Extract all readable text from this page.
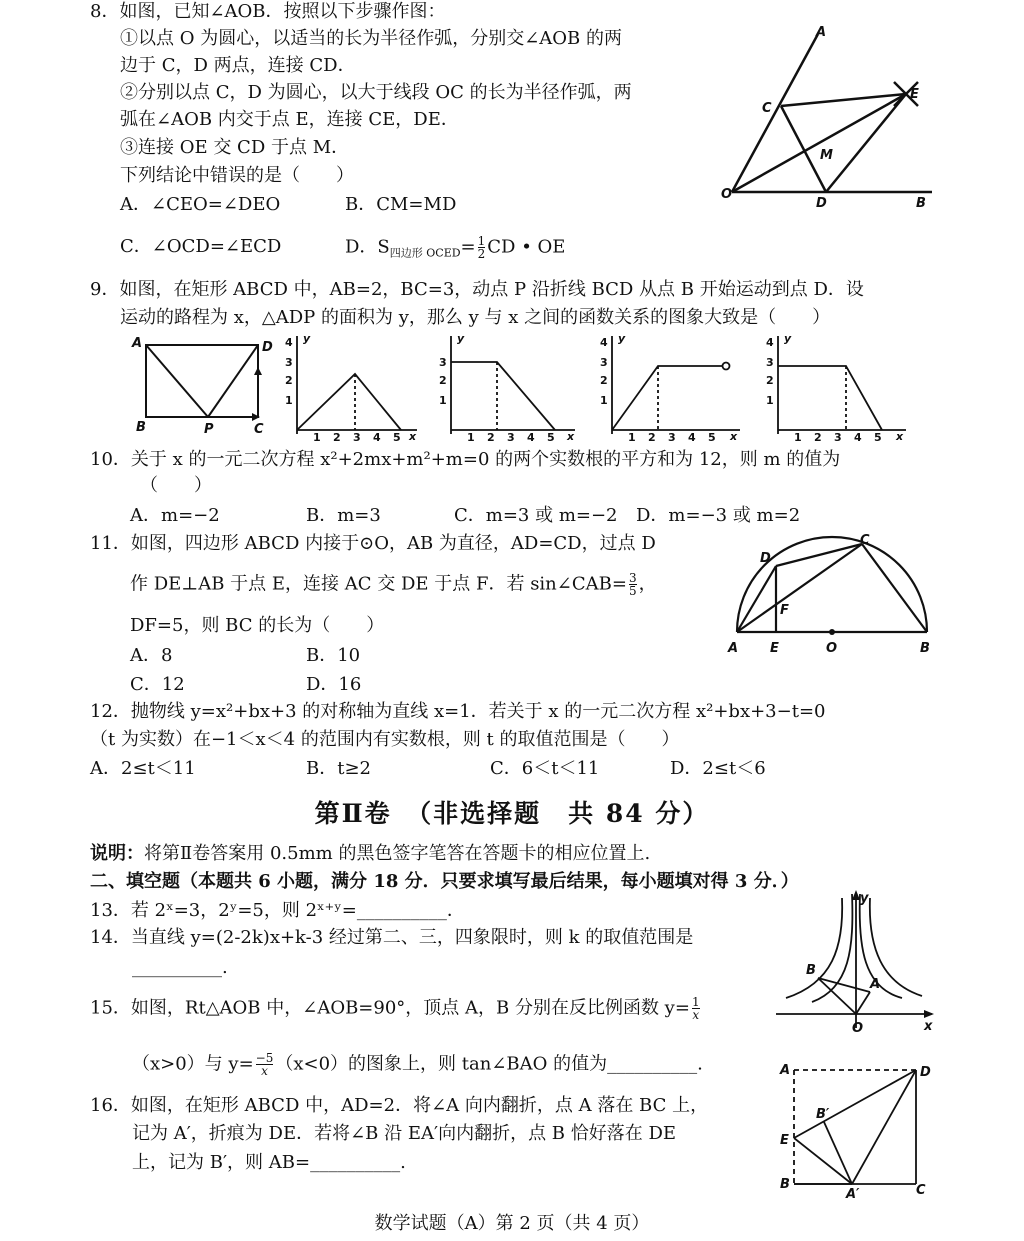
8．如图，已知∠AOB．按照以下步骤作图：
①以点 O 为圆心，以适当的长为半径作弧，分别交∠AOB 的两
边于 C，D 两点，连接 CD．
②分别以点 C，D 为圆心，以大于线段 OC 的长为半径作弧，两
弧在∠AOB 内交于点 E，连接 CE，DE．
③连接 OE 交 CD 于点 M．
下列结论中错误的是（　　）
A．∠CEO=∠DEO	B．CM=MD
C．∠OCD=∠ECD	D．$S_{四边形 OCED}= \frac{1}{2}$ CD • OE
A
C
E
M
O
D	B
9．如图，在矩形 ABCD 中，AB=2，BC=3，动点 P 沿折线 BCD 从点 B 开始运动到点 D．设
运动的路程为 x，△ADP 的面积为 y，那么 y 与 x 之间的函数关系的图象大致是（　　）
A	D
B	P	C
4
3
2
1
1 2 3 4 5
y
x
3
2
1
1 2 3 4 5
y
x
4
3
2
1
1 2 3 4 5
y
x
4
3
2
1
1 2 3 4 5
y
x
10．关于 x 的一元二次方程 x²+2mx+m²+m=0 的两个实数根的平方和为 12，则 m 的值为
（　　）
A．m=−2	B．m=3	C．m=3 或 m=−2 D．m=−3 或 m=2
11．如图，四边形 ABCD 内接于⊙O，AB 为直径，AD=CD，过点 D
作 DE⊥AB 于点 E，连接 AC 交 DE 于点 F．若 sin∠CAB= $\frac{3}{5}$ ，
DF=5，则 BC 的长为（　　）
A．8	B．10
C．12	D．16
D
C
F
A E	O	B
12．抛物线 y=x²+bx+3 的对称轴为直线 x=1．若关于 x 的一元二次方程 x²+bx+3−t=0
（t 为实数）在−1＜x＜4 的范围内有实数根，则 t 的取值范围是（　　）
A．2≤t＜11	B．t≥2	C．6＜t＜11	D．2≤t＜6
第Ⅱ卷　（非选择题　共 84 分）
说明：将第Ⅱ卷答案用 0.5mm 的黑色签字笔答在答题卡的相应位置上.
二、填空题（本题共 6 小题，满分 18 分．只要求填写最后结果，每小题填对得 3 分．）
13．若 2ˣ=3，2ʸ=5，则 2ˣ⁺ʸ=__________．
14．当直线 y=(2-2k)x+k-3 经过第二、三，四象限时，则 k 的取值范围是
__________.
15．如图，Rt△AOB 中，∠AOB=90°，顶点 A，B 分别在反比例函数 $y= \frac{1}{x}$
（x>0）与 $y= \frac{-5}{x} (x<0)$的图象上，则 tan∠BAO 的值为__________.
y
B
A
O	x
16．如图，在矩形 ABCD 中，AD=2．将∠A 向内翻折，点 A 落在 BC 上，
记为 A′，折痕为 DE．若将∠B 沿 EA′向内翻折，点 B 恰好落在 DE
上，记为 B′，则 AB=__________.
A	D
B′
E
B
A′	C
数学试题（A）第 2 页（共 4 页）
